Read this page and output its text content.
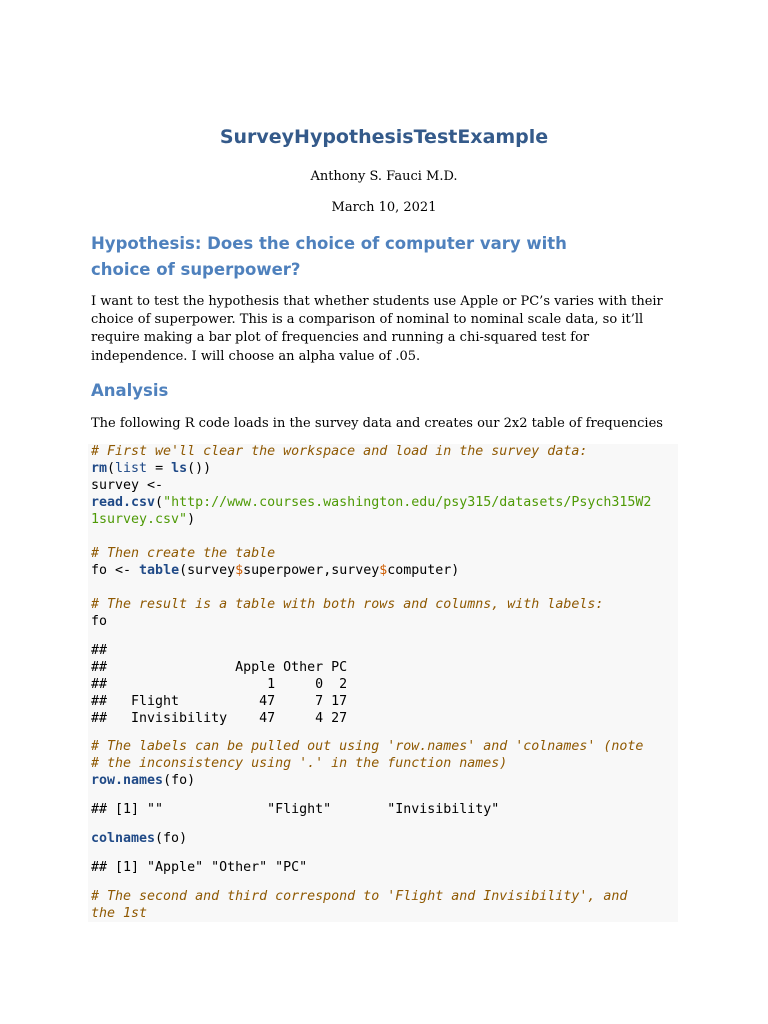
SurveyHypothesisTestExample

Anthony S. Fauci M.D.

March 10, 2021

Hypothesis: Does the choice of computer vary with choice of superpower?

I want to test the hypothesis that whether students use Apple or PC’s varies with their choice of superpower. This is a comparison of nominal to nominal scale data, so it’ll require making a bar plot of frequencies and running a chi-squared test for independence. I will choose an alpha value of .05.

Analysis

The following R code loads in the survey data and creates our 2x2 table of frequencies

# First we'll clear the workspace and load in the survey data:
rm(list = ls())
survey <-
read.csv("http://www.courses.washington.edu/psy315/datasets/Psych315W2
1survey.csv")
# Then create the table
fo <- table(survey$superpower,survey$computer)
# The result is a table with both rows and columns, with labels:
fo
##
##                Apple Other PC
##                    1     0  2
##   Flight          47     7 17
##   Invisibility    47     4 27
# The labels can be pulled out using 'row.names' and 'colnames' (note
# the inconsistency using '.' in the function names)
row.names(fo)
## [1] ""             "Flight"       "Invisibility"
colnames(fo)
## [1] "Apple" "Other" "PC"
# The second and third correspond to 'Flight and Invisibility', and
the 1st
